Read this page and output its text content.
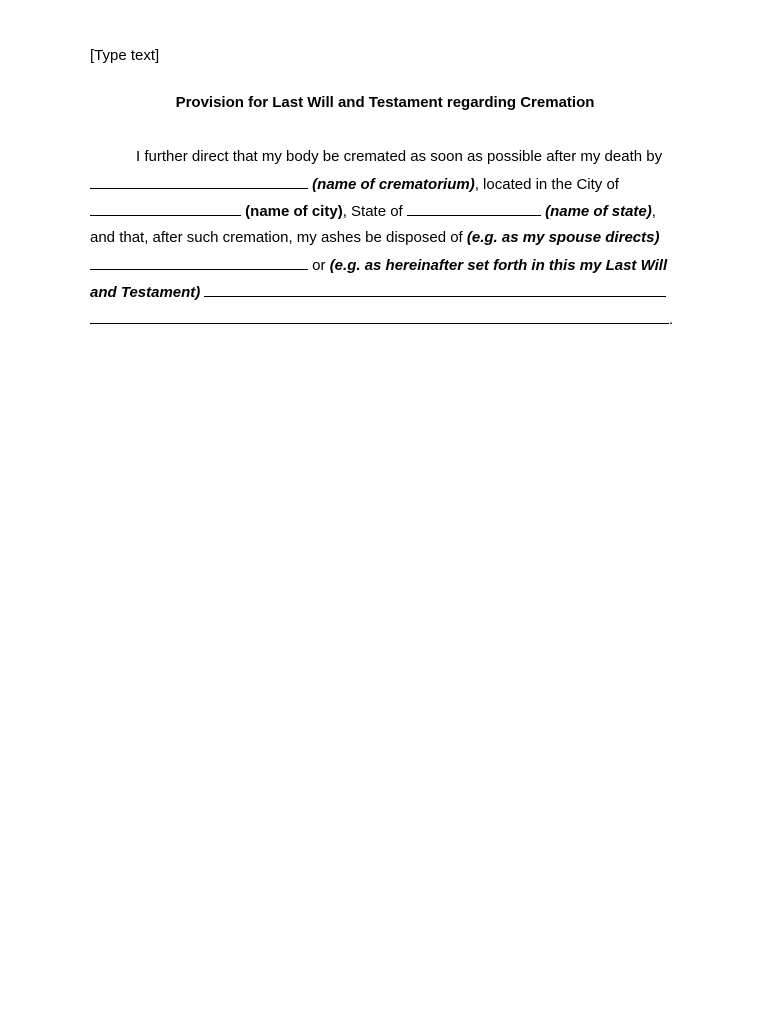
[Type text]
Provision for Last Will and Testament regarding Cremation
I further direct that my body be cremated as soon as possible after my death by
(name of crematorium), located in the City of
(name of city), State of	(name of state),
and that, after such cremation, my ashes be disposed of (e.g. as my spouse directs)
or (e.g. as hereinafter set forth in this my Last Will
and Testament)
.
